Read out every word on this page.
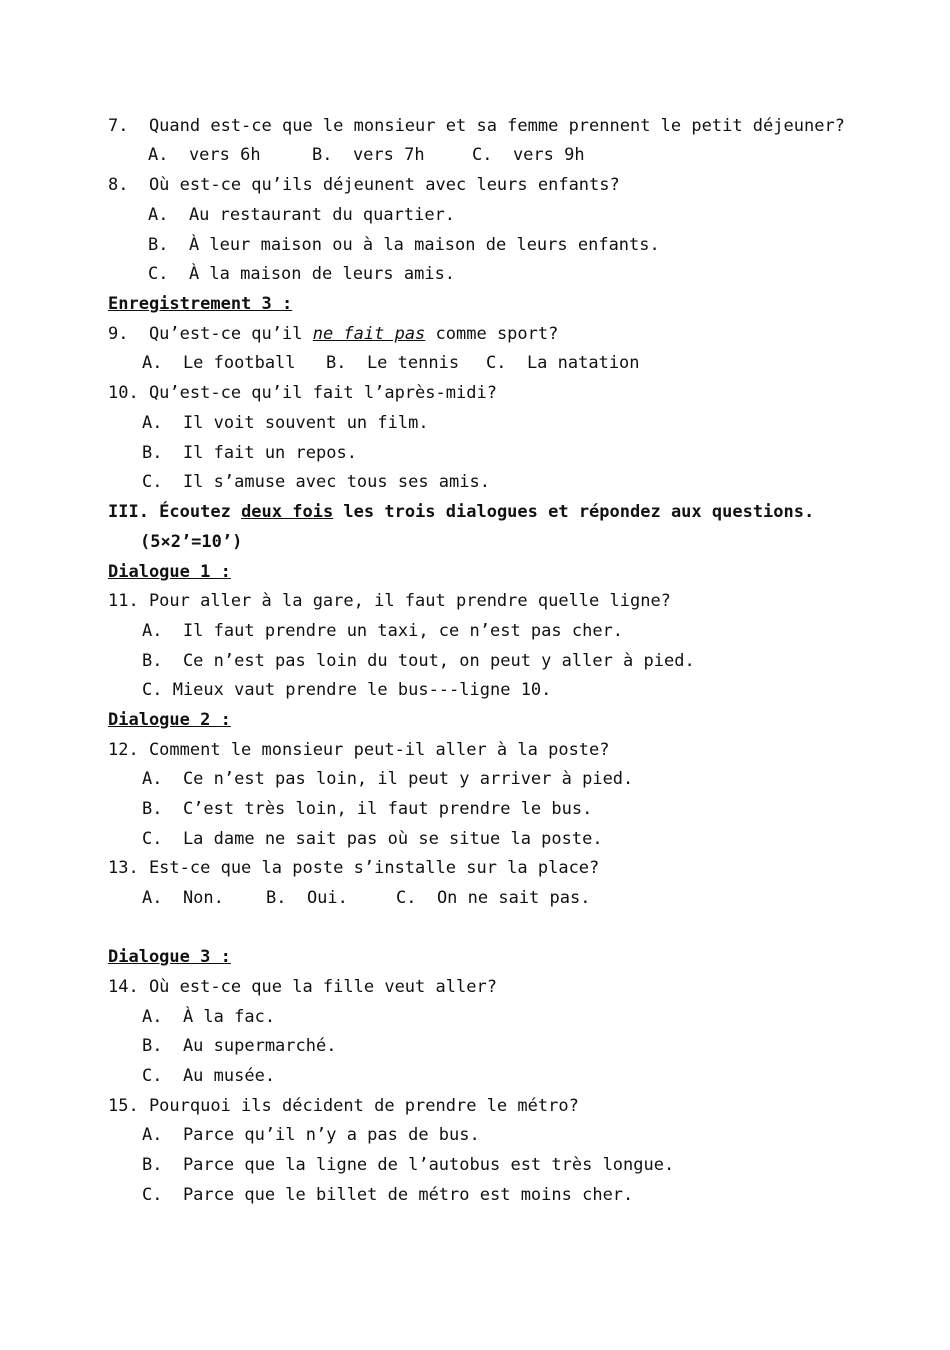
7.  Quand est-ce que le monsieur et sa femme prennent le petit déjeuner?
A.  vers 6h	B.  vers 7h	C.  vers 9h
8.  Où est-ce qu’ils déjeunent avec leurs enfants?
A.  Au restaurant du quartier.
B.  À leur maison ou à la maison de leurs enfants.
C.  À la maison de leurs amis.
Enregistrement 3 :
9.  Qu’est-ce qu’il ne fait pas comme sport?
A.  Le football B.  Le tennis C.  La natation
10. Qu’est-ce qu’il fait l’après-midi?
A.  Il voit souvent un film.
B.  Il fait un repos.
C.  Il s’amuse avec tous ses amis.
III. Écoutez deux fois les trois dialogues et répondez aux questions.
(5×2’=10’)
Dialogue 1 :
11. Pour aller à la gare, il faut prendre quelle ligne?
A.  Il faut prendre un taxi, ce n’est pas cher.
B.  Ce n’est pas loin du tout, on peut y aller à pied.
C. Mieux vaut prendre le bus---ligne 10.
Dialogue 2 :
12. Comment le monsieur peut-il aller à la poste?
A.  Ce n’est pas loin, il peut y arriver à pied.
B.  C’est très loin, il faut prendre le bus.
C.  La dame ne sait pas où se situe la poste.
13. Est-ce que la poste s’installe sur la place?
A.  Non. B.  Oui.	C.  On ne sait pas.
Dialogue 3 :
14. Où est-ce que la fille veut aller?
A.  À la fac.
B.  Au supermarché.
C.  Au musée.
15. Pourquoi ils décident de prendre le métro?
A.  Parce qu’il n’y a pas de bus.
B.  Parce que la ligne de l’autobus est très longue.
C.  Parce que le billet de métro est moins cher.
